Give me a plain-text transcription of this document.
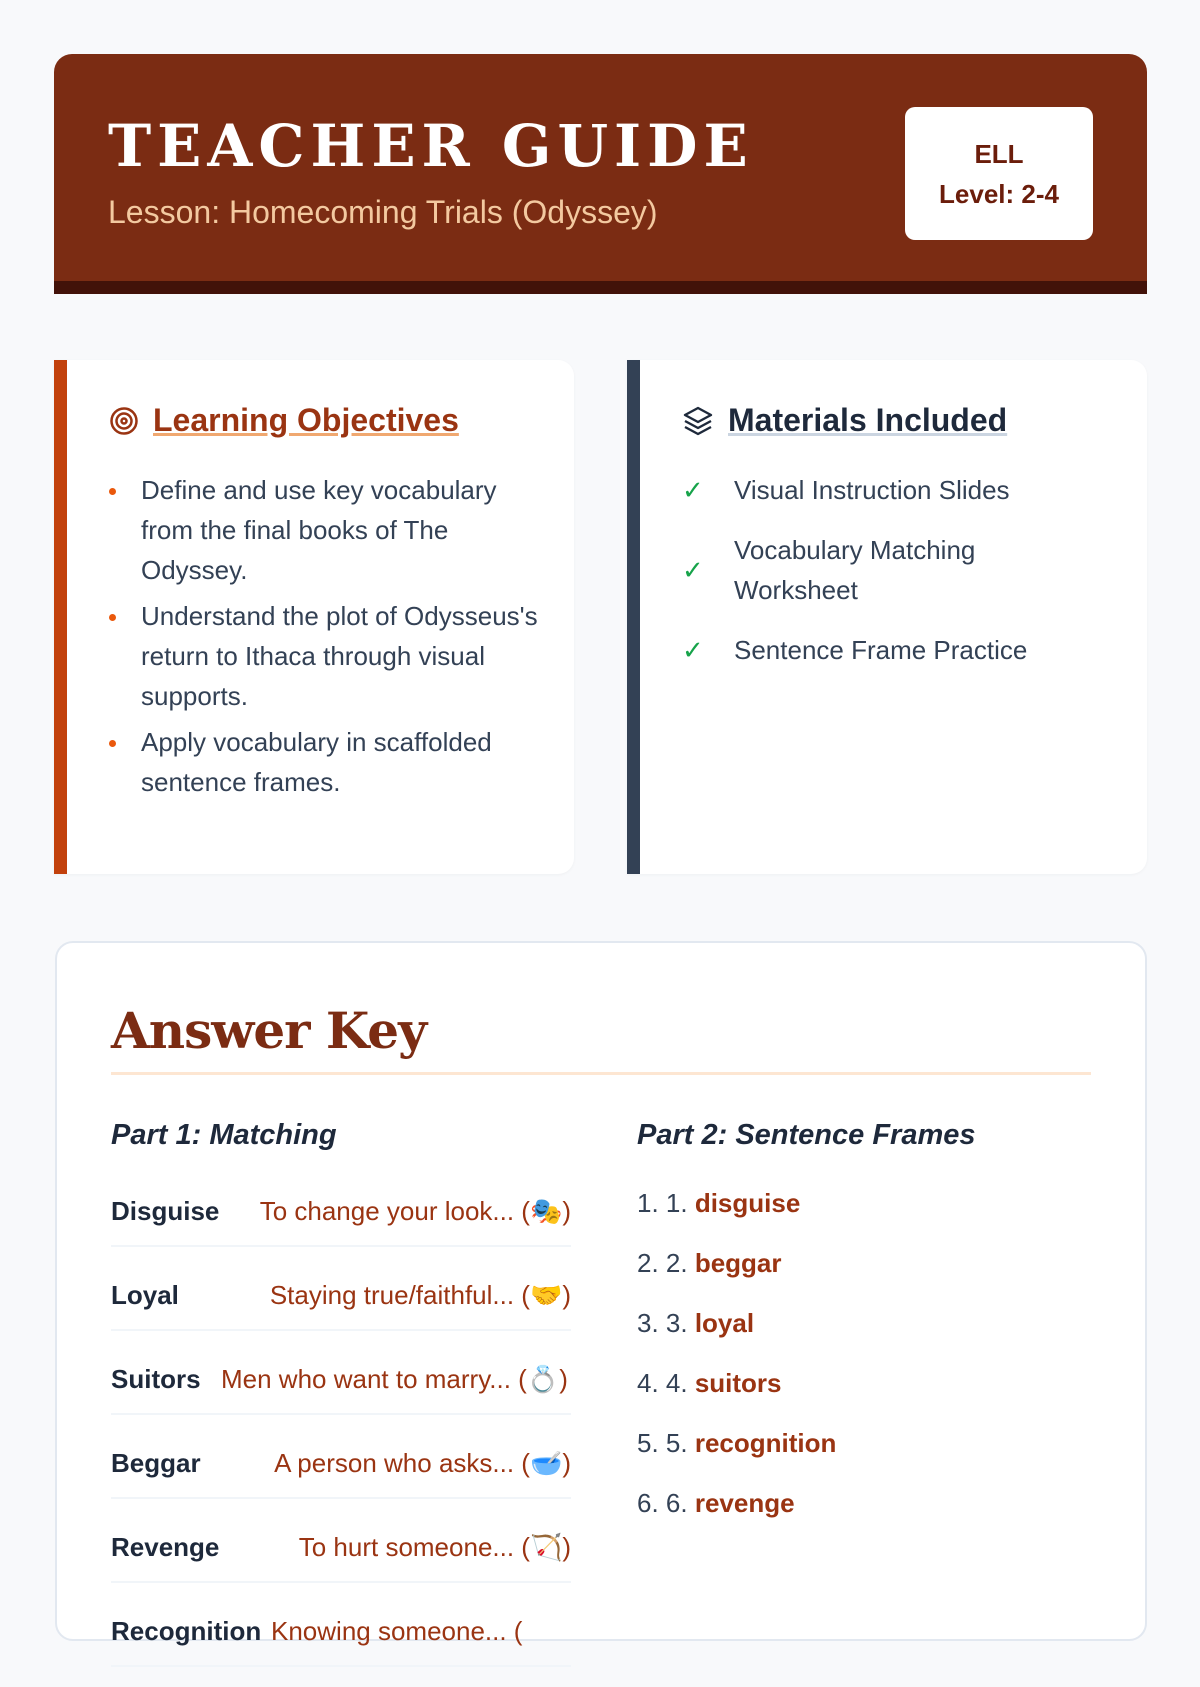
TEACHER GUIDE
Lesson: Homecoming Trials (Odyssey)
ELL
Level: 2-4
Learning Objectives
Define and use key vocabulary from the final books of The Odyssey.
Understand the plot of Odysseus's return to Ithaca through visual supports.
Apply vocabulary in scaffolded sentence frames.
Materials Included
✓ Visual Instruction Slides
✓
Vocabulary Matching Worksheet
✓ Sentence Frame Practice
Answer Key
Part 1: Matching	Part 2: Sentence Frames
Disguise To change your look... (🎭)
Loyal	Staying true/faithful... (🤝)
Suitors Men who want to marry... (💍)
Beggar	A person who asks... (🥣)
Revenge	To hurt someone... (🏹)
Recognition Knowing someone... (
1. 1. disguise
2. 2. beggar
3. 3. loyal
4. 4. suitors
5. 5. recognition
6. 6. revenge
